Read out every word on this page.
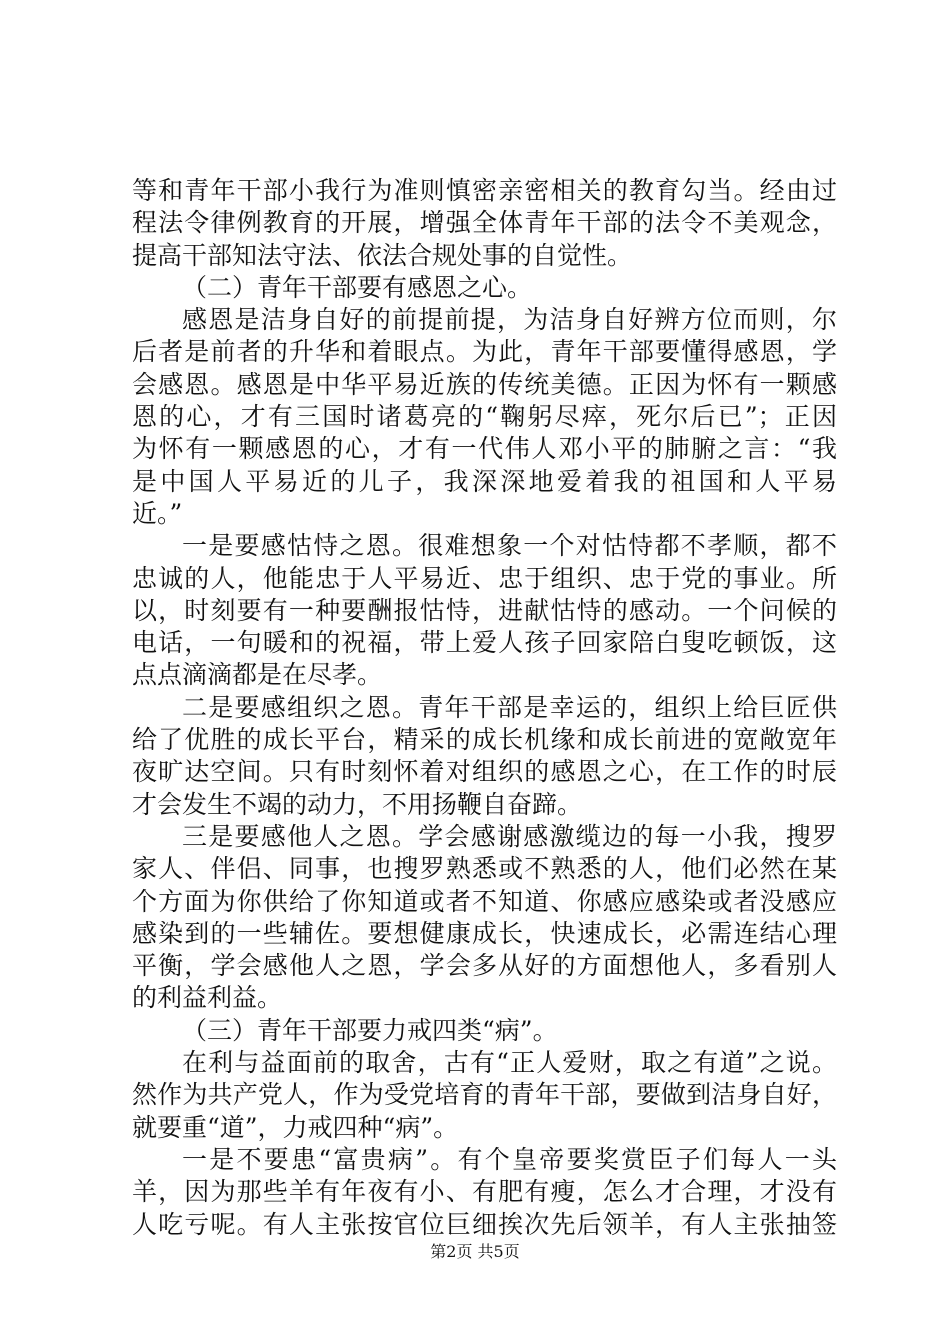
等和青年干部小我行为准则慎密亲密相关的教育勾当。经由过
程法令律例教育的开展，增强全体青年干部的法令不美观念，
提高干部知法守法、依法合规处事的自觉性。
（二）青年干部要有感恩之心。
感恩是洁身自好的前提前提，为洁身自好辨方位而则，尔
后者是前者的升华和着眼点。为此，青年干部要懂得感恩，学
会感恩。感恩是中华平易近族的传统美德。正因为怀有一颗感
恩的心，才有三国时诸葛亮的“鞠躬尽瘁，死尔后已”；正因
为怀有一颗感恩的心，才有一代伟人邓小平的肺腑之言：“我
是中国人平易近的儿子，我深深地爱着我的祖国和人平易
近。”
一是要感怙恃之恩。很难想象一个对怙恃都不孝顺，都不
忠诚的人，他能忠于人平易近、忠于组织、忠于党的事业。所
以，时刻要有一种要酬报怙恃，进献怙恃的感动。一个问候的
电话，一句暖和的祝福，带上爱人孩子回家陪白叟吃顿饭，这
点点滴滴都是在尽孝。
二是要感组织之恩。青年干部是幸运的，组织上给巨匠供
给了优胜的成长平台，精采的成长机缘和成长前进的宽敞宽年
夜旷达空间。只有时刻怀着对组织的感恩之心，在工作的时辰
才会发生不竭的动力，不用扬鞭自奋蹄。
三是要感他人之恩。学会感谢感激缆边的每一小我，搜罗
家人、伴侣、同事，也搜罗熟悉或不熟悉的人，他们必然在某
个方面为你供给了你知道或者不知道、你感应感染或者没感应
感染到的一些辅佐。要想健康成长，快速成长，必需连结心理
平衡，学会感他人之恩，学会多从好的方面想他人，多看别人
的利益利益。
（三）青年干部要力戒四类“病”。
在利与益面前的取舍，古有“正人爱财，取之有道”之说。
然作为共产党人，作为受党培育的青年干部，要做到洁身自好，
就要重“道”，力戒四种“病”。
一是不要患“富贵病”。有个皇帝要奖赏臣子们每人一头
羊，因为那些羊有年夜有小、有肥有瘦，怎么才合理，才没有
人吃亏呢。有人主张按官位巨细挨次先后领羊，有人主张抽签
第2页 共5页
